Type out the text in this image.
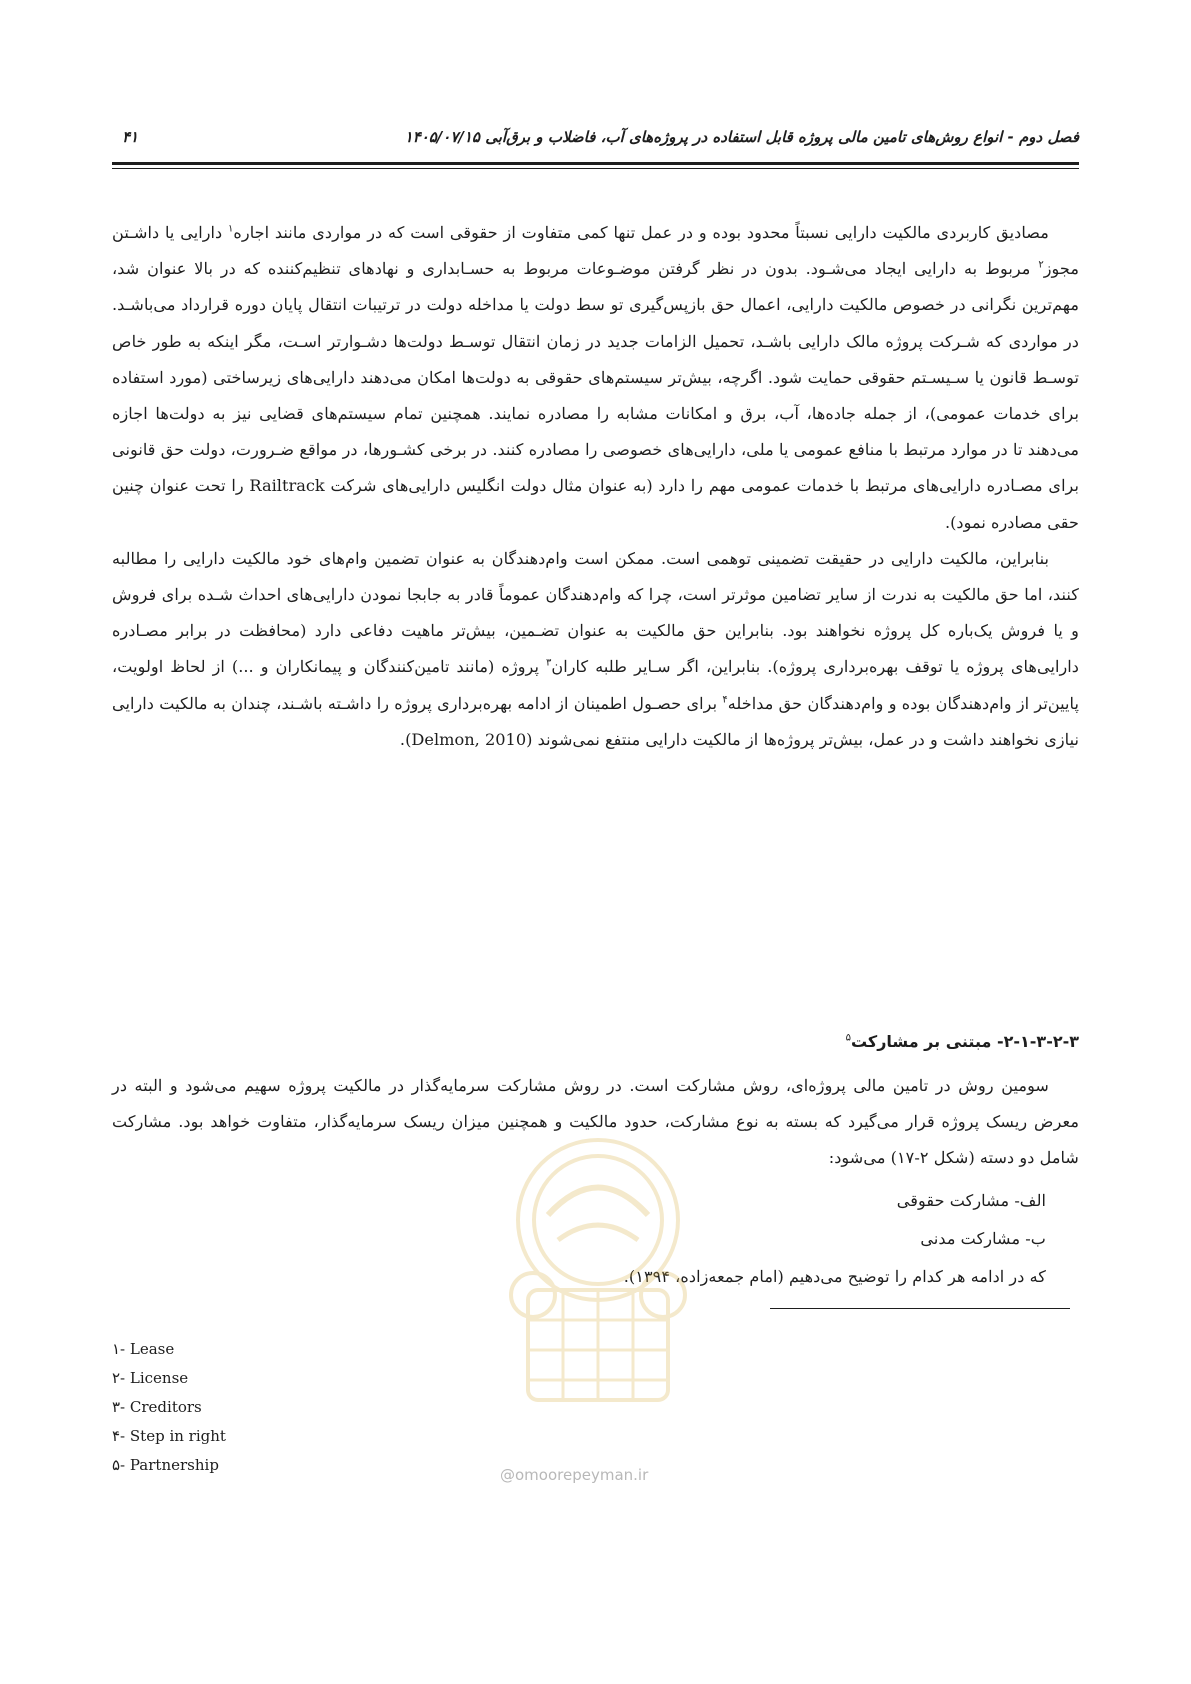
فصل دوم - انواع روش‌های تامین مالی پروژه قابل استفاده در پروژه‌های آب، فاضلاب و برق‌آبی ۱۴۰۵/۰۷/۱۵
۴۱

مصادیق کاربردی مالکیت دارایی نسبتاً محدود بوده و در عمل تنها کمی متفاوت از حقوقی است که در مواردی مانند اجاره$^۱$ دارایی یا داشـتن مجوز$^۲$ مربوط به دارایی ایجاد می‌شـود. بدون در نظر گرفتن موضـوعات مربوط به حسـابداری و نهادهای تنظیم‌کننده که در بالا عنوان شد، مهم‌ترین نگرانی در خصوص مالکیت دارایی، اعمال حق بازپس‌گیری تو سط دولت یا مداخله دولت در ترتیبات انتقال پایان دوره قرارداد می‌باشـد. در مواردی که شـرکت پروژه مالک دارایی باشـد، تحمیل الزامات جدید در زمان انتقال توسـط دولت‌ها دشـوارتر اسـت، مگر اینکه به طور خاص توسـط قانون یا سـیسـتم حقوقی حمایت شود. اگرچه، بیش‌تر سیستم‌های حقوقی به دولت‌ها امکان می‌دهند دارایی‌های زیرساختی (مورد استفاده برای خدمات عمومی)، از جمله جاده‌ها، آب، برق و امکانات مشابه را مصادره نمایند. همچنین تمام سیستم‌های قضایی نیز به دولت‌ها اجازه می‌دهند تا در موارد مرتبط با منافع عمومی یا ملی، دارایی‌های خصوصی را مصادره کنند. در برخی کشـورها، در مواقع ضـرورت، دولت حق قانونی برای مصـادره دارایی‌های مرتبط با خدمات عمومی مهم را دارد (به عنوان مثال دولت انگلیس دارایی‌های شرکت Railtrack را تحت عنوان چنین حقی مصادره نمود).

بنابراین، مالکیت دارایی در حقیقت تضمینی توهمی است. ممکن است وام‌دهندگان به عنوان تضمین وام‌های خود مالکیت دارایی را مطالبه کنند، اما حق مالکیت به ندرت از سایر تضامین موثرتر است، چرا که وام‌دهندگان عموماً قادر به جابجا نمودن دارایی‌های احداث شـده برای فروش و یا فروش یک‌باره کل پروژه نخواهند بود. بنابراین حق مالکیت به عنوان تضـمین، بیش‌تر ماهیت دفاعی دارد (محافظت در برابر مصـادره دارایی‌های پروژه یا توقف بهره‌برداری پروژه). بنابراین، اگر سـایر طلبه کاران$^۳$ پروژه (مانند تامین‌کنندگان و پیمانکاران و ...) از لحاظ اولویت، پایین‌تر از وام‌دهندگان بوده و وام‌دهندگان حق مداخله$^۴$ برای حصـول اطمینان از ادامه بهره‌برداری پروژه را داشـته باشـند، چندان به مالکیت دارایی نیازی نخواهند داشت و در عمل، بیش‌تر پروژه‌ها از مالکیت دارایی منتفع نمی‌شوند (Delmon, 2010).

۲-۱-۳-۲-۳- مبتنی بر مشارکت$^۵$

سومین روش در تامین مالی پروژه‌ای، روش مشارکت است. در روش مشارکت سرمایه‌گذار در مالکیت پروژه سهیم می‌شود و البته در معرض ریسک پروژه قرار می‌گیرد که بسته به نوع مشارکت، حدود مالکیت و همچنین میزان ریسک سرمایه‌گذار، متفاوت خواهد بود. مشارکت شامل دو دسته (شکل ۲-۱۷) می‌شود:

الف- مشارکت حقوقی
ب- مشارکت مدنی
که در ادامه هر کدام را توضیح می‌دهیم (امام جمعه‌زاده، ۱۳۹۴).
@omoorepeyman.ir
۱- Lease
۲- License
۳- Creditors
۴- Step in right
۵- Partnership
